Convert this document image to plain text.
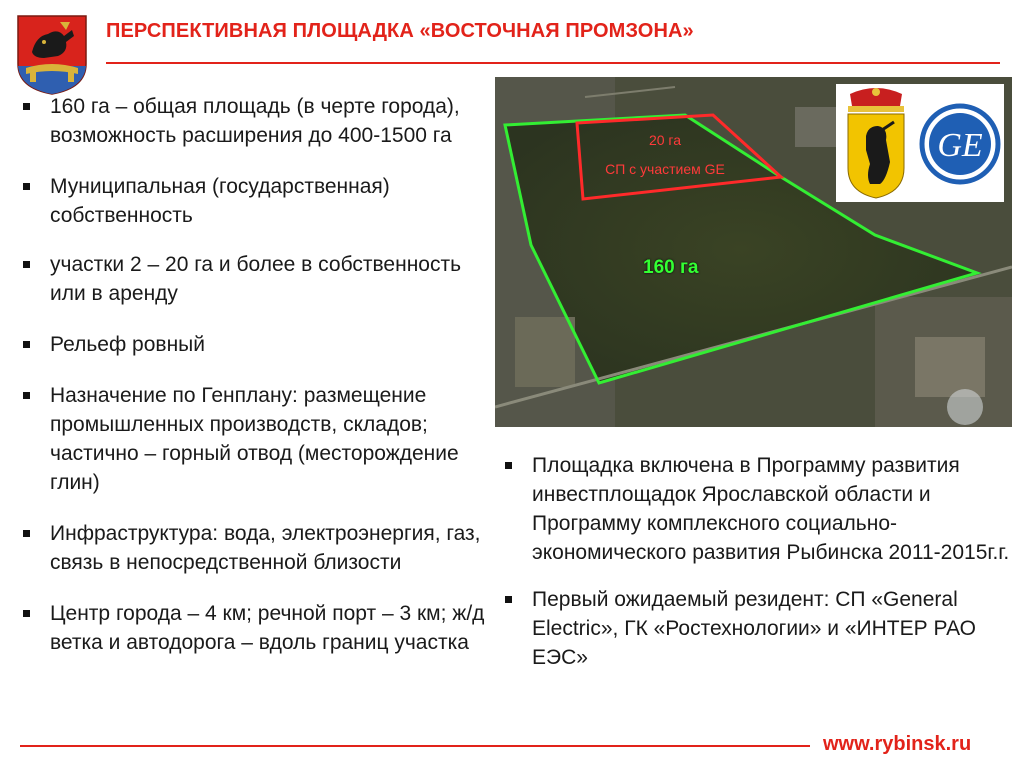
ПЕРСПЕКТИВНАЯ ПЛОЩАДКА «ВОСТОЧНАЯ ПРОМЗОНА»
160 га – общая площадь (в черте города), возможность расширения до 400-1500 га
Муниципальная (государственная) собственность
участки 2 – 20 га и более в собственность или в аренду
Рельеф ровный
Назначение по Генплану: размещение промышленных производств, складов; частично – горный отвод (месторождение глин)
Инфраструктура: вода, электроэнергия, газ, связь в непосредственной близости
Центр города – 4 км; речной порт – 3 км; ж/д ветка и автодорога – вдоль границ участка
20 га
СП с участием GE
160 га
GE
Площадка включена в Программу развития инвестплощадок Ярославской области и Программу комплексного социально-экономического развития Рыбинска 2011-2015г.г.
Первый ожидаемый резидент: СП «General Electric», ГК «Ростехнологии» и «ИНТЕР РАО ЕЭС»
www.rybinsk.ru
